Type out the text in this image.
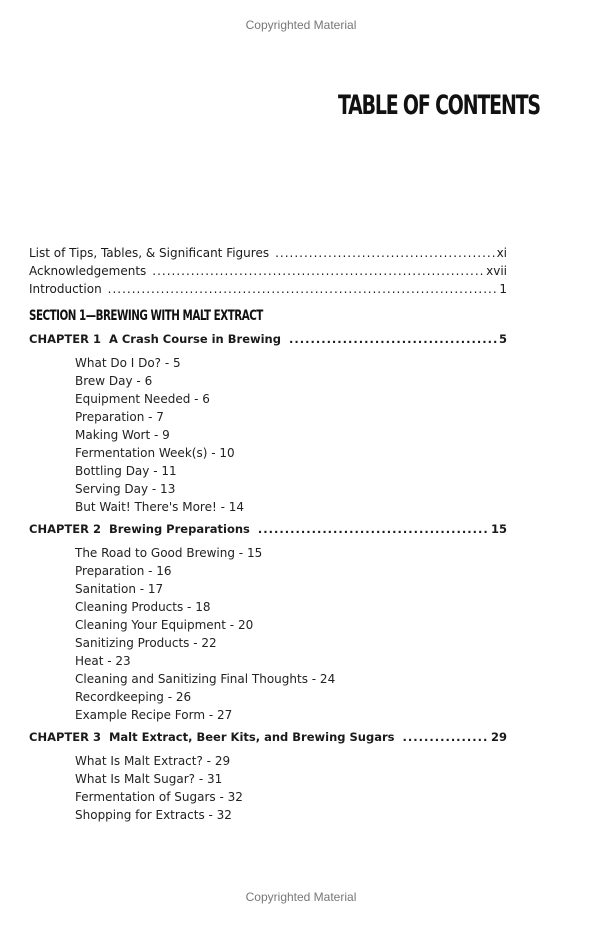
Copyrighted Material
TABLE OF CONTENTS
List of Tips, Tables, & Significant Figures .....	xi
Acknowledgements .....	xvii
Introduction .....	1
SECTION 1—BREWING WITH MALT EXTRACT
CHAPTER 1  A Crash Course in Brewing .....	5
What Do I Do? - 5
Brew Day - 6
Equipment Needed - 6
Preparation - 7
Making Wort - 9
Fermentation Week(s) - 10
Bottling Day - 11
Serving Day - 13
But Wait! There's More! - 14
CHAPTER 2  Brewing Preparations .....	15
The Road to Good Brewing - 15
Preparation - 16
Sanitation - 17
Cleaning Products - 18
Cleaning Your Equipment - 20
Sanitizing Products - 22
Heat - 23
Cleaning and Sanitizing Final Thoughts - 24
Recordkeeping - 26
Example Recipe Form - 27
CHAPTER 3  Malt Extract, Beer Kits, and Brewing Sugars .....	29
What Is Malt Extract? - 29
What Is Malt Sugar? - 31
Fermentation of Sugars - 32
Shopping for Extracts - 32
Copyrighted Material
